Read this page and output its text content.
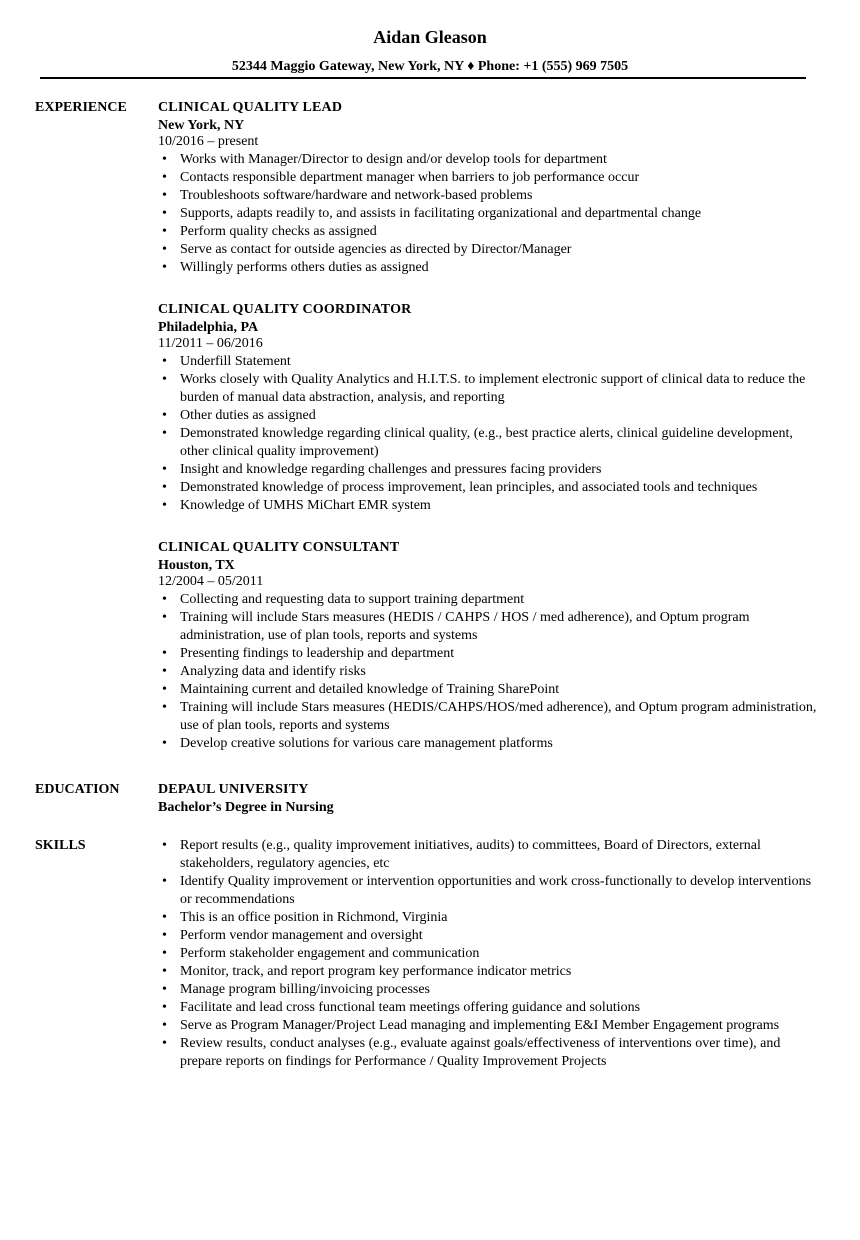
Aidan Gleason
52344 Maggio Gateway, New York, NY ♦ Phone: +1 (555) 969 7505
EXPERIENCE CLINICAL QUALITY LEAD
New York, NY
10/2016 – present
• Works with Manager/Director to design and/or develop tools for department
• Contacts responsible department manager when barriers to job performance occur
• Troubleshoots software/hardware and network-based problems
• Supports, adapts readily to, and assists in facilitating organizational and departmental change
• Perform quality checks as assigned
• Serve as contact for outside agencies as directed by Director/Manager
• Willingly performs others duties as assigned
CLINICAL QUALITY COORDINATOR
Philadelphia, PA
11/2011 – 06/2016
• Underfill Statement
• Works closely with Quality Analytics and H.I.T.S. to implement electronic support of clinical data to reduce the burden of manual data abstraction, analysis, and reporting
• Other duties as assigned
• Demonstrated knowledge regarding clinical quality, (e.g., best practice alerts, clinical guideline development, other clinical quality improvement)
• Insight and knowledge regarding challenges and pressures facing providers
• Demonstrated knowledge of process improvement, lean principles, and associated tools and techniques
• Knowledge of UMHS MiChart EMR system
CLINICAL QUALITY CONSULTANT
Houston, TX
12/2004 – 05/2011
• Collecting and requesting data to support training department
• Training will include Stars measures (HEDIS / CAHPS / HOS / med adherence), and Optum program administration, use of plan tools, reports and systems
• Presenting findings to leadership and department
• Analyzing data and identify risks
• Maintaining current and detailed knowledge of Training SharePoint
• Training will include Stars measures (HEDIS/CAHPS/HOS/med adherence), and Optum program administration, use of plan tools, reports and systems
• Develop creative solutions for various care management platforms
EDUCATION	DEPAUL UNIVERSITY
Bachelor’s Degree in Nursing
SKILLS
•	Report results (e.g., quality improvement initiatives, audits) to committees, Board of Directors, external stakeholders, regulatory agencies, etc
• Identify Quality improvement or intervention opportunities and work cross-functionally to develop interventions or recommendations
• This is an office position in Richmond, Virginia
• Perform vendor management and oversight
• Perform stakeholder engagement and communication
• Monitor, track, and report program key performance indicator metrics
• Manage program billing/invoicing processes
• Facilitate and lead cross functional team meetings offering guidance and solutions
• Serve as Program Manager/Project Lead managing and implementing E&I Member Engagement programs
• Review results, conduct analyses (e.g., evaluate against goals/effectiveness of interventions over time), and prepare reports on findings for Performance / Quality Improvement Projects
